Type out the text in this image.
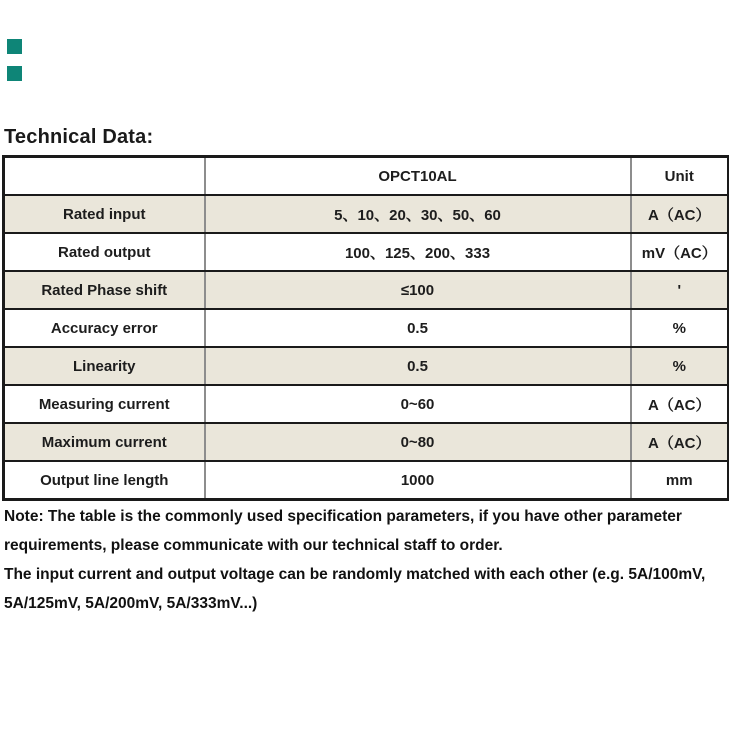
Technical Data:
	OPCT10AL	Unit
Rated input	5、10、20、30、50、60	A（AC）
Rated output	100、125、200、333	mV（AC）
Rated Phase shift	≤100	'
Accuracy error	0.5	%
Linearity	0.5	%
Measuring current	0~60	A（AC）
Maximum current	0~80	A（AC）
Output line length	1000	mm

Note: The table is the commonly used specification parameters, if you have other parameter requirements, please communicate with our technical staff to order.

The input current and output voltage can be randomly matched with each other (e.g. 5A/100mV, 5A/125mV, 5A/200mV, 5A/333mV...)
